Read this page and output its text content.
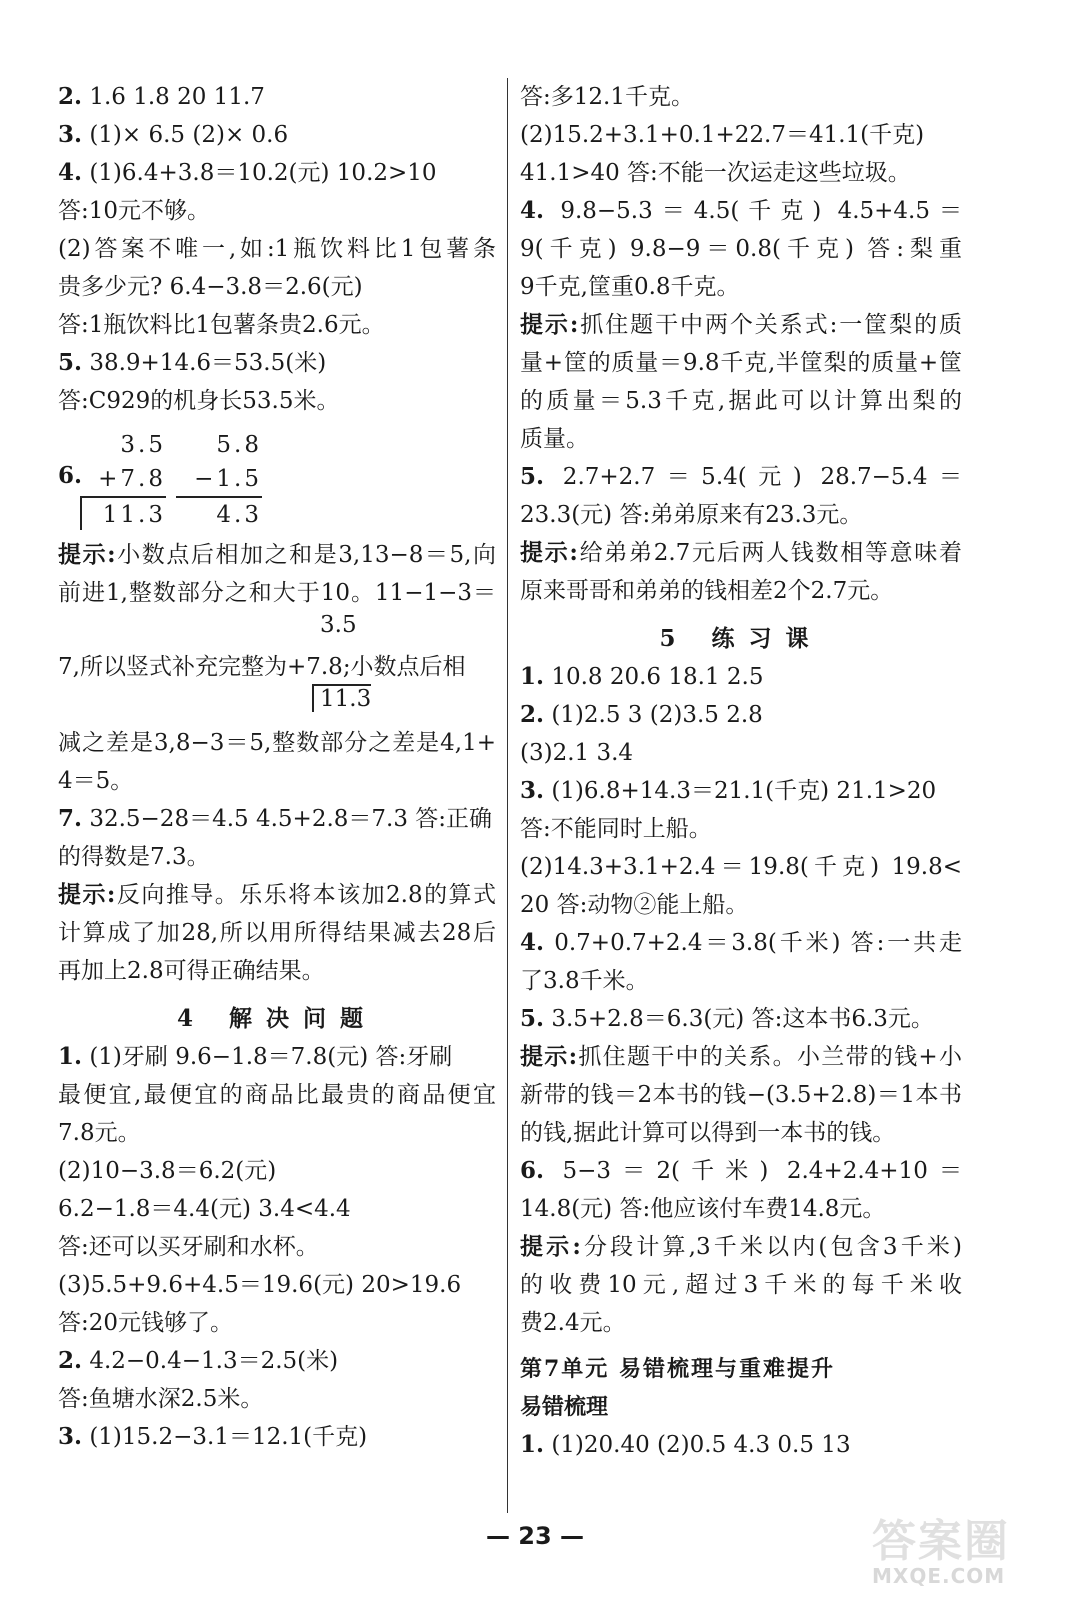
2. 1.6 1.8 20 11.7
3. (1)× 6.5 (2)× 0.6
4. (1)6.4+3.8＝10.2(元) 10.2>10
答:10元不够。
(2)答案不唯一,如:1瓶饮料比1包薯条
贵多少元? 6.4−3.8＝2.6(元)
答:1瓶饮料比1包薯条贵2.6元。
5. 38.9+14.6＝53.5(米)
答:C929的机身长53.5米。
6.
3.5
+7.8
11.3
5.8
−1.5
4.3
提示:小数点后相加之和是3,13−8＝5,向
前进1,整数部分之和大于10。11−1−3＝
3.5
7,所以竖式补充完整为+7.8;小数点后相
11.3
减之差是3,8−3＝5,整数部分之差是4,1+
4＝5。
7. 32.5−28＝4.5 4.5+2.8＝7.3 答:正确
的得数是7.3。
提示:反向推导。乐乐将本该加2.8的算式
计算成了加28,所以用所得结果减去28后
再加上2.8可得正确结果。
4 解决问题
1. (1)牙刷 9.6−1.8＝7.8(元) 答:牙刷
最便宜,最便宜的商品比最贵的商品便宜
7.8元。
(2)10−3.8＝6.2(元)
6.2−1.8＝4.4(元) 3.4<4.4
答:还可以买牙刷和水杯。
(3)5.5+9.6+4.5＝19.6(元) 20>19.6
答:20元钱够了。
2. 4.2−0.4−1.3＝2.5(米)
答:鱼塘水深2.5米。
3. (1)15.2−3.1＝12.1(千克)
答:多12.1千克。
(2)15.2+3.1+0.1+22.7＝41.1(千克)
41.1>40 答:不能一次运走这些垃圾。
4. 9.8−5.3＝4.5(千克) 4.5+4.5＝
9(千克) 9.8−9＝0.8(千克) 答:梨重
9千克,筐重0.8千克。
提示:抓住题干中两个关系式:一筐梨的质
量+筐的质量＝9.8千克,半筐梨的质量+筐
的质量＝5.3千克,据此可以计算出梨的
质量。
5. 2.7+2.7＝5.4(元) 28.7−5.4＝
23.3(元) 答:弟弟原来有23.3元。
提示:给弟弟2.7元后两人钱数相等意味着
原来哥哥和弟弟的钱相差2个2.7元。
5 练习课
1. 10.8 20.6 18.1 2.5
2. (1)2.5 3 (2)3.5 2.8
(3)2.1 3.4
3. (1)6.8+14.3＝21.1(千克) 21.1>20
答:不能同时上船。
(2)14.3+3.1+2.4＝19.8(千克) 19.8<
20 答:动物②能上船。
4. 0.7+0.7+2.4＝3.8(千米) 答:一共走
了3.8千米。
5. 3.5+2.8＝6.3(元) 答:这本书6.3元。
提示:抓住题干中的关系。小兰带的钱+小
新带的钱＝2本书的钱−(3.5+2.8)＝1本书
的钱,据此计算可以得到一本书的钱。
6. 5−3＝2(千米) 2.4+2.4+10＝
14.8(元) 答:他应该付车费14.8元。
提示:分段计算,3千米以内(包含3千米)
的收费10元,超过3千米的每千米收
费2.4元。
第7单元 易错梳理与重难提升
易错梳理
1. (1)20.40 (2)0.5 4.3 0.5 13
— 23 —	答案圈
MXQE.COM
